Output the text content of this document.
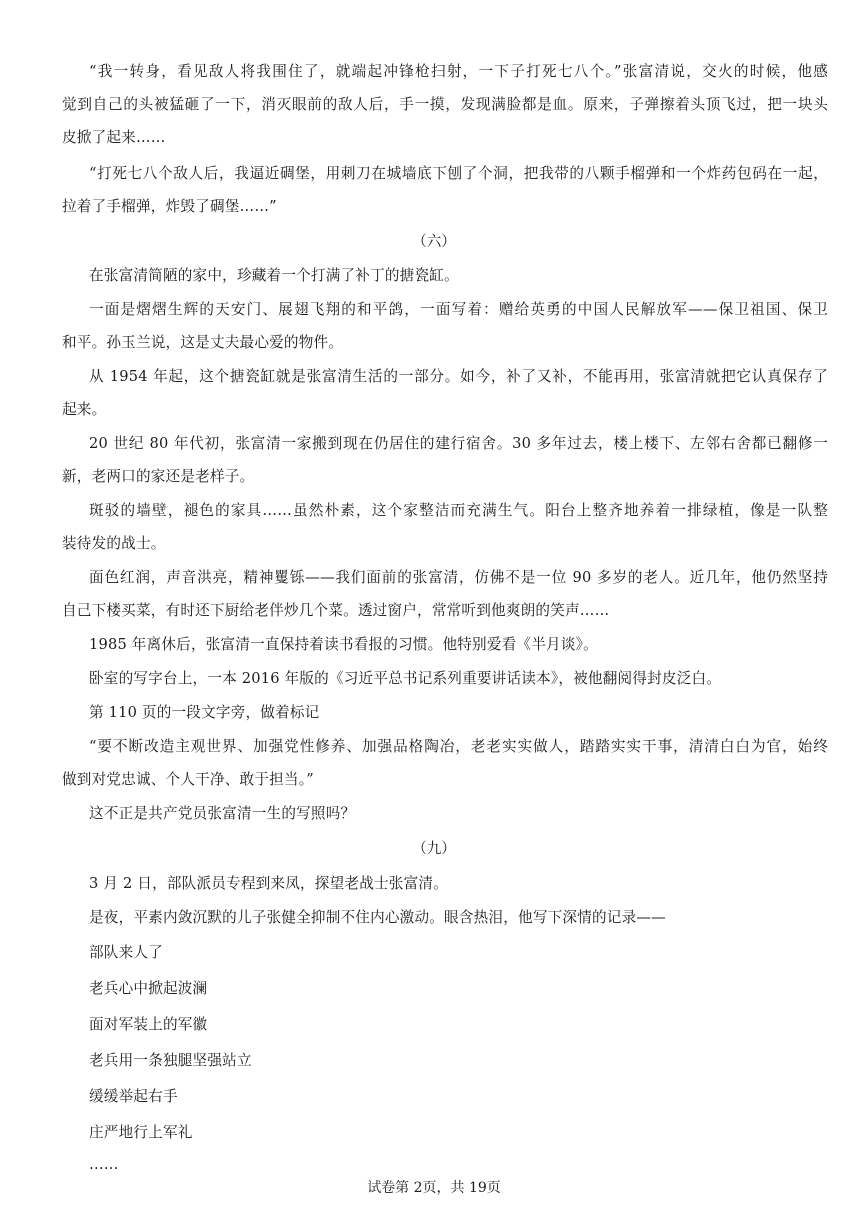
“我一转身，看见敌人将我围住了，就端起冲锋枪扫射，一下子打死七八个。”张富清说，交火的时候，他感
觉到自己的头被猛砸了一下，消灭眼前的敌人后，手一摸，发现满脸都是血。原来，子弹擦着头顶飞过，把一块头
皮掀了起来……
“打死七八个敌人后，我逼近碉堡，用刺刀在城墙底下刨了个洞，把我带的八颗手榴弹和一个炸药包码在一起，
拉着了手榴弹，炸毁了碉堡……”
（六）
在张富清简陋的家中，珍藏着一个打满了补丁的搪瓷缸。
一面是熠熠生辉的天安门、展翅飞翔的和平鸽，一面写着：赠给英勇的中国人民解放军——保卫祖国、保卫
和平。孙玉兰说，这是丈夫最心爱的物件。
从 1954 年起，这个搪瓷缸就是张富清生活的一部分。如今，补了又补，不能再用，张富清就把它认真保存了
起来。
20 世纪 80 年代初，张富清一家搬到现在仍居住的建行宿舍。30 多年过去，楼上楼下、左邻右舍都已翻修一
新，老两口的家还是老样子。
斑驳的墙壁，褪色的家具……虽然朴素，这个家整洁而充满生气。阳台上整齐地养着一排绿植，像是一队整
装待发的战士。
面色红润，声音洪亮，精神矍铄——我们面前的张富清，仿佛不是一位 90 多岁的老人。近几年，他仍然坚持
自己下楼买菜，有时还下厨给老伴炒几个菜。透过窗户，常常听到他爽朗的笑声……
1985 年离休后，张富清一直保持着读书看报的习惯。他特别爱看《半月谈》。
卧室的写字台上，一本 2016 年版的《习近平总书记系列重要讲话读本》，被他翻阅得封皮泛白。
第 110 页的一段文字旁，做着标记
“要不断改造主观世界、加强党性修养、加强品格陶冶，老老实实做人，踏踏实实干事，清清白白为官，始终
做到对党忠诚、个人干净、敢于担当。”
这不正是共产党员张富清一生的写照吗？
（九）
3 月 2 日，部队派员专程到来凤，探望老战士张富清。
是夜，平素内敛沉默的儿子张健全抑制不住内心激动。眼含热泪，他写下深情的记录——
部队来人了
老兵心中掀起波澜
面对军装上的军徽
老兵用一条独腿坚强站立
缓缓举起右手
庄严地行上军礼
……
试卷第 2页，共 19页
